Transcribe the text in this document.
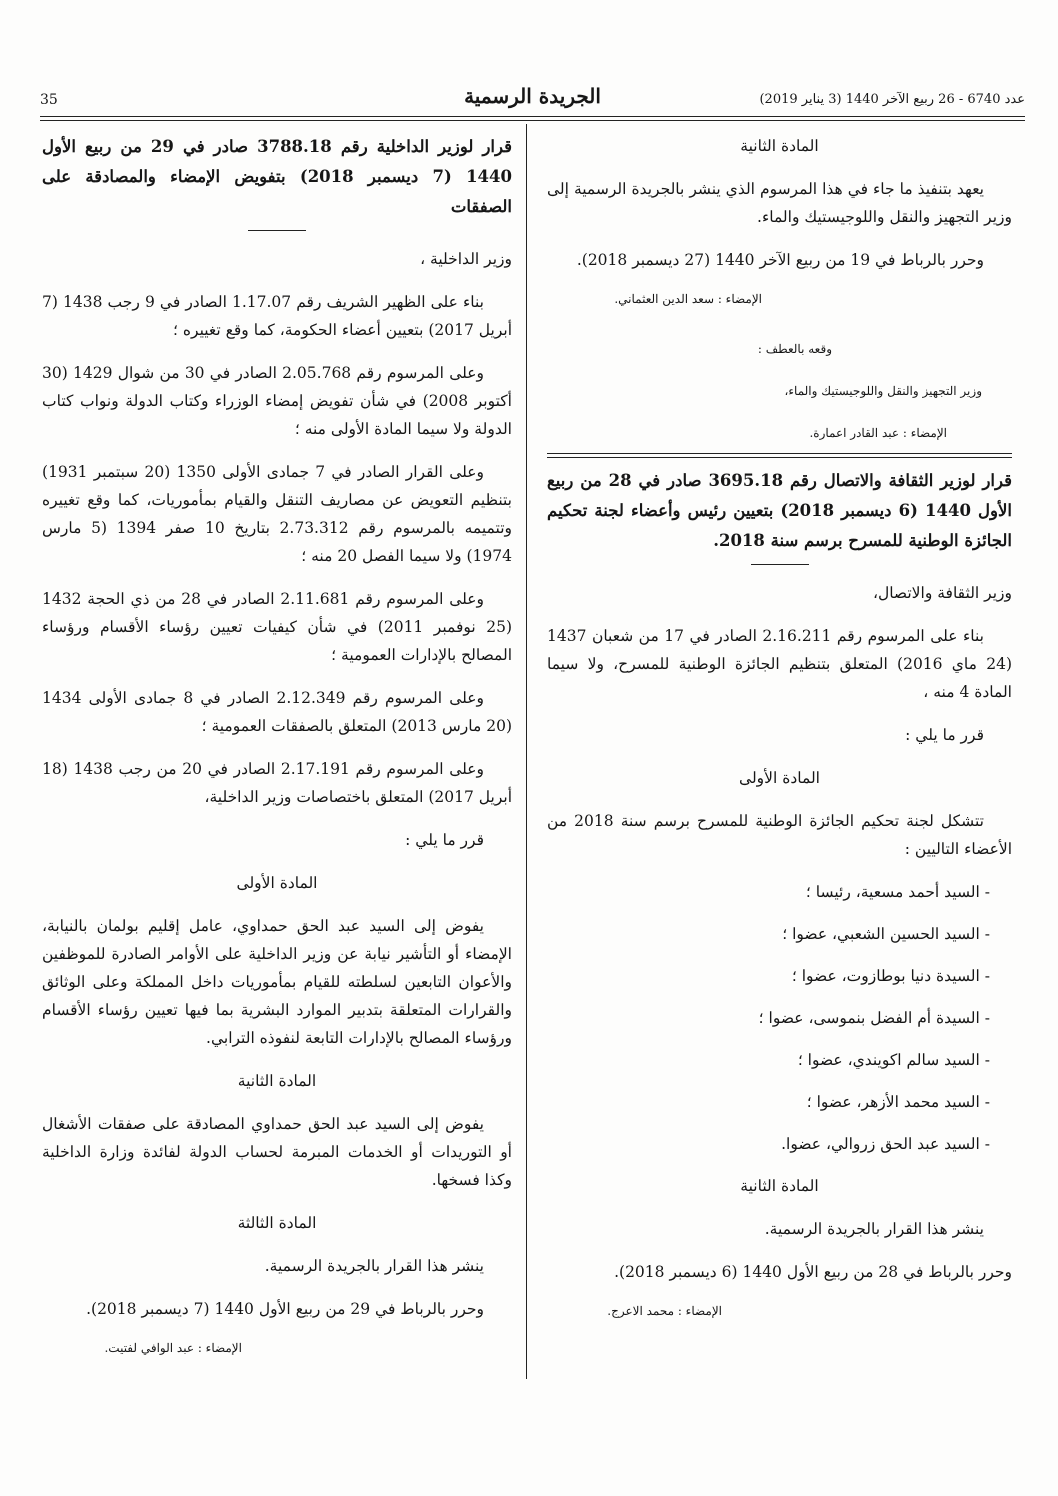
عدد 6740 - 26 ربيع الآخر 1440 (3 يناير 2019)
الجريدة الرسمية
35

المادة الثانية

يعهد بتنفيذ ما جاء في هذا المرسوم الذي ينشر بالجريدة الرسمية إلى وزير التجهيز والنقل واللوجيستيك والماء.

وحرر بالرباط في 19 من ربيع الآخر 1440 (27 ديسمبر 2018).

الإمضاء : سعد الدين العثماني.

وقعه بالعطف :

وزير التجهيز والنقل واللوجيستيك والماء،

الإمضاء : عبد القادر اعمارة.

قرار لوزير الثقافة والاتصال رقم 3695.18 صادر في 28 من ربيع الأول 1440 (6 ديسمبر 2018) بتعيين رئيس وأعضاء لجنة تحكيم الجائزة الوطنية للمسرح برسم سنة 2018.

وزير الثقافة والاتصال،

بناء على المرسوم رقم 2.16.211 الصادر في 17 من شعبان 1437 (24 ماي 2016) المتعلق بتنظيم الجائزة الوطنية للمسرح، ولا سيما المادة 4 منه ،

قرر ما يلي :

المادة الأولى

تتشكل لجنة تحكيم الجائزة الوطنية للمسرح برسم سنة 2018 من الأعضاء التاليين :

- السيد أحمد مسعية، رئيسا ؛

- السيد الحسين الشعبي، عضوا ؛

- السيدة دنيا بوطازوت، عضوا ؛

- السيدة أم الفضل بنموسى، عضوا ؛

- السيد سالم اكويندي، عضوا ؛

- السيد محمد الأزهر، عضوا ؛

- السيد عبد الحق زروالي، عضوا.

المادة الثانية

ينشر هذا القرار بالجريدة الرسمية.

وحرر بالرباط في 28 من ربيع الأول 1440 (6 ديسمبر 2018).

الإمضاء : محمد الاعرج.

قرار لوزير الداخلية رقم 3788.18 صادر في 29 من ربيع الأول 1440 (7 ديسمبر 2018) بتفويض الإمضاء والمصادقة على الصفقات

وزير الداخلية ،

بناء على الظهير الشريف رقم 1.17.07 الصادر في 9 رجب 1438 (7 أبريل 2017) بتعيين أعضاء الحكومة، كما وقع تغييره ؛

وعلى المرسوم رقم 2.05.768 الصادر في 30 من شوال 1429 (30 أكتوبر 2008) في شأن تفويض إمضاء الوزراء وكتاب الدولة ونواب كتاب الدولة ولا سيما المادة الأولى منه ؛

وعلى القرار الصادر في 7 جمادى الأولى 1350 (20 سبتمبر 1931) بتنظيم التعويض عن مصاريف التنقل والقيام بمأموريات، كما وقع تغييره وتتميمه بالمرسوم رقم 2.73.312 بتاريخ 10 صفر 1394 (5 مارس 1974) ولا سيما الفصل 20 منه ؛

وعلى المرسوم رقم 2.11.681 الصادر في 28 من ذي الحجة 1432 (25 نوفمبر 2011) في شأن كيفيات تعيين رؤساء الأقسام ورؤساء المصالح بالإدارات العمومية ؛

وعلى المرسوم رقم 2.12.349 الصادر في 8 جمادى الأولى 1434 (20 مارس 2013) المتعلق بالصفقات العمومية ؛

وعلى المرسوم رقم 2.17.191 الصادر في 20 من رجب 1438 (18 أبريل 2017) المتعلق باختصاصات وزير الداخلية،

قرر ما يلي :

المادة الأولى

يفوض إلى السيد عبد الحق حمداوي، عامل إقليم بولمان بالنيابة، الإمضاء أو التأشير نيابة عن وزير الداخلية على الأوامر الصادرة للموظفين والأعوان التابعين لسلطته للقيام بمأموريات داخل المملكة وعلى الوثائق والقرارات المتعلقة بتدبير الموارد البشرية بما فيها تعيين رؤساء الأقسام ورؤساء المصالح بالإدارات التابعة لنفوذه الترابي.

المادة الثانية

يفوض إلى السيد عبد الحق حمداوي المصادقة على صفقات الأشغال أو التوريدات أو الخدمات المبرمة لحساب الدولة لفائدة وزارة الداخلية وكذا فسخها.

المادة الثالثة

ينشر هذا القرار بالجريدة الرسمية.

وحرر بالرباط في 29 من ربيع الأول 1440 (7 ديسمبر 2018).

الإمضاء : عبد الوافي لفتيت.
